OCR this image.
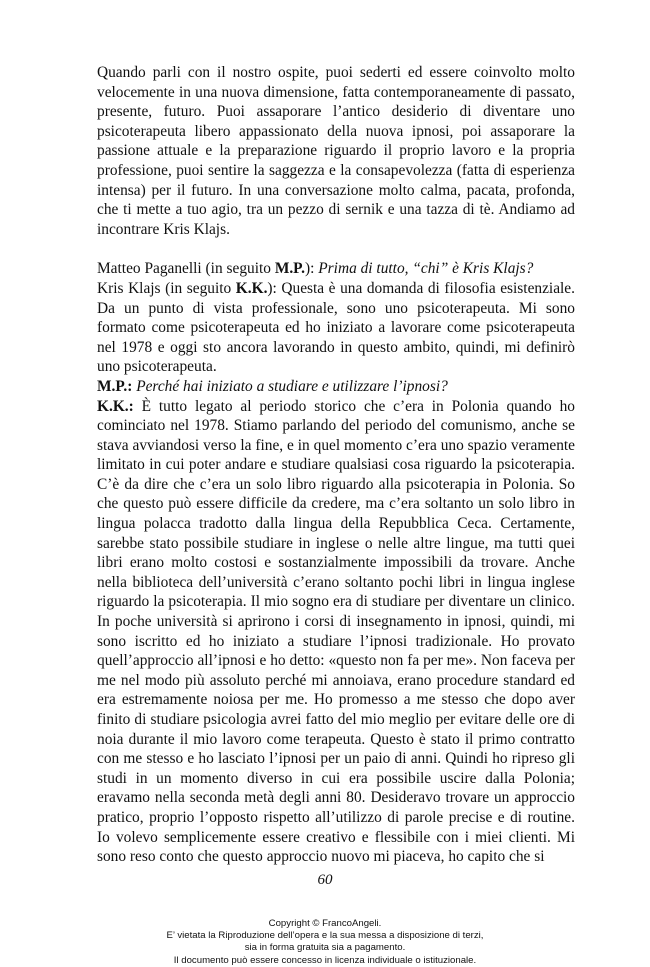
Quando parli con il nostro ospite, puoi sederti ed essere coinvolto molto velocemente in una nuova dimensione, fatta contemporaneamente di passato, presente, futuro. Puoi assaporare l’antico desiderio di diventare uno psicoterapeuta libero appassionato della nuova ipnosi, poi assaporare la passione attuale e la preparazione riguardo il proprio lavoro e la propria professione, puoi sentire la saggezza e la consapevolezza (fatta di esperienza intensa) per il futuro. In una conversazione molto calma, pacata, profonda, che ti mette a tuo agio, tra un pezzo di sernik e una tazza di tè. Andiamo ad incontrare Kris Klajs.

Matteo Paganelli (in seguito M.P.): Prima di tutto, “chi” è Kris Klajs?

Kris Klajs (in seguito K.K.): Questa è una domanda di filosofia esistenziale. Da un punto di vista professionale, sono uno psicoterapeuta. Mi sono formato come psicoterapeuta ed ho iniziato a lavorare come psicoterapeuta nel 1978 e oggi sto ancora lavorando in questo ambito, quindi, mi definirò uno psicoterapeuta.

M.P.: Perché hai iniziato a studiare e utilizzare l’ipnosi?

K.K.: È tutto legato al periodo storico che c’era in Polonia quando ho cominciato nel 1978. Stiamo parlando del periodo del comunismo, anche se stava avviandosi verso la fine, e in quel momento c’era uno spazio veramente limitato in cui poter andare e studiare qualsiasi cosa riguardo la psicoterapia. C’è da dire che c’era un solo libro riguardo alla psicoterapia in Polonia. So che questo può essere difficile da credere, ma c’era soltanto un solo libro in lingua polacca tradotto dalla lingua della Repubblica Ceca. Certamente, sarebbe stato possibile studiare in inglese o nelle altre lingue, ma tutti quei libri erano molto costosi e sostanzialmente impossibili da trovare. Anche nella biblioteca dell’università c’erano soltanto pochi libri in lingua inglese riguardo la psicoterapia. Il mio sogno era di studiare per diventare un clinico. In poche università si aprirono i corsi di insegnamento in ipnosi, quindi, mi sono iscritto ed ho iniziato a studiare l’ipnosi tradizionale. Ho provato quell’approccio all’ipnosi e ho detto: «questo non fa per me». Non faceva per me nel modo più assoluto perché mi annoiava, erano procedure standard ed era estremamente noiosa per me. Ho promesso a me stesso che dopo aver finito di studiare psicologia avrei fatto del mio meglio per evitare delle ore di noia durante il mio lavoro come terapeuta. Questo è stato il primo contratto con me stesso e ho lasciato l’ipnosi per un paio di anni. Quindi ho ripreso gli studi in un momento diverso in cui era possibile uscire dalla Polonia; eravamo nella seconda metà degli anni 80. Desideravo trovare un approccio pratico, proprio l’opposto rispetto all’utilizzo di parole precise e di routine. Io volevo semplicemente essere creativo e flessibile con i miei clienti. Mi sono reso conto che questo approccio nuovo mi piaceva, ho capito che si

60
Copyright © FrancoAngeli.
E’ vietata la Riproduzione dell’opera e la sua messa a disposizione di terzi,
sia in forma gratuita sia a pagamento.
Il documento può essere concesso in licenza individuale o istituzionale.
